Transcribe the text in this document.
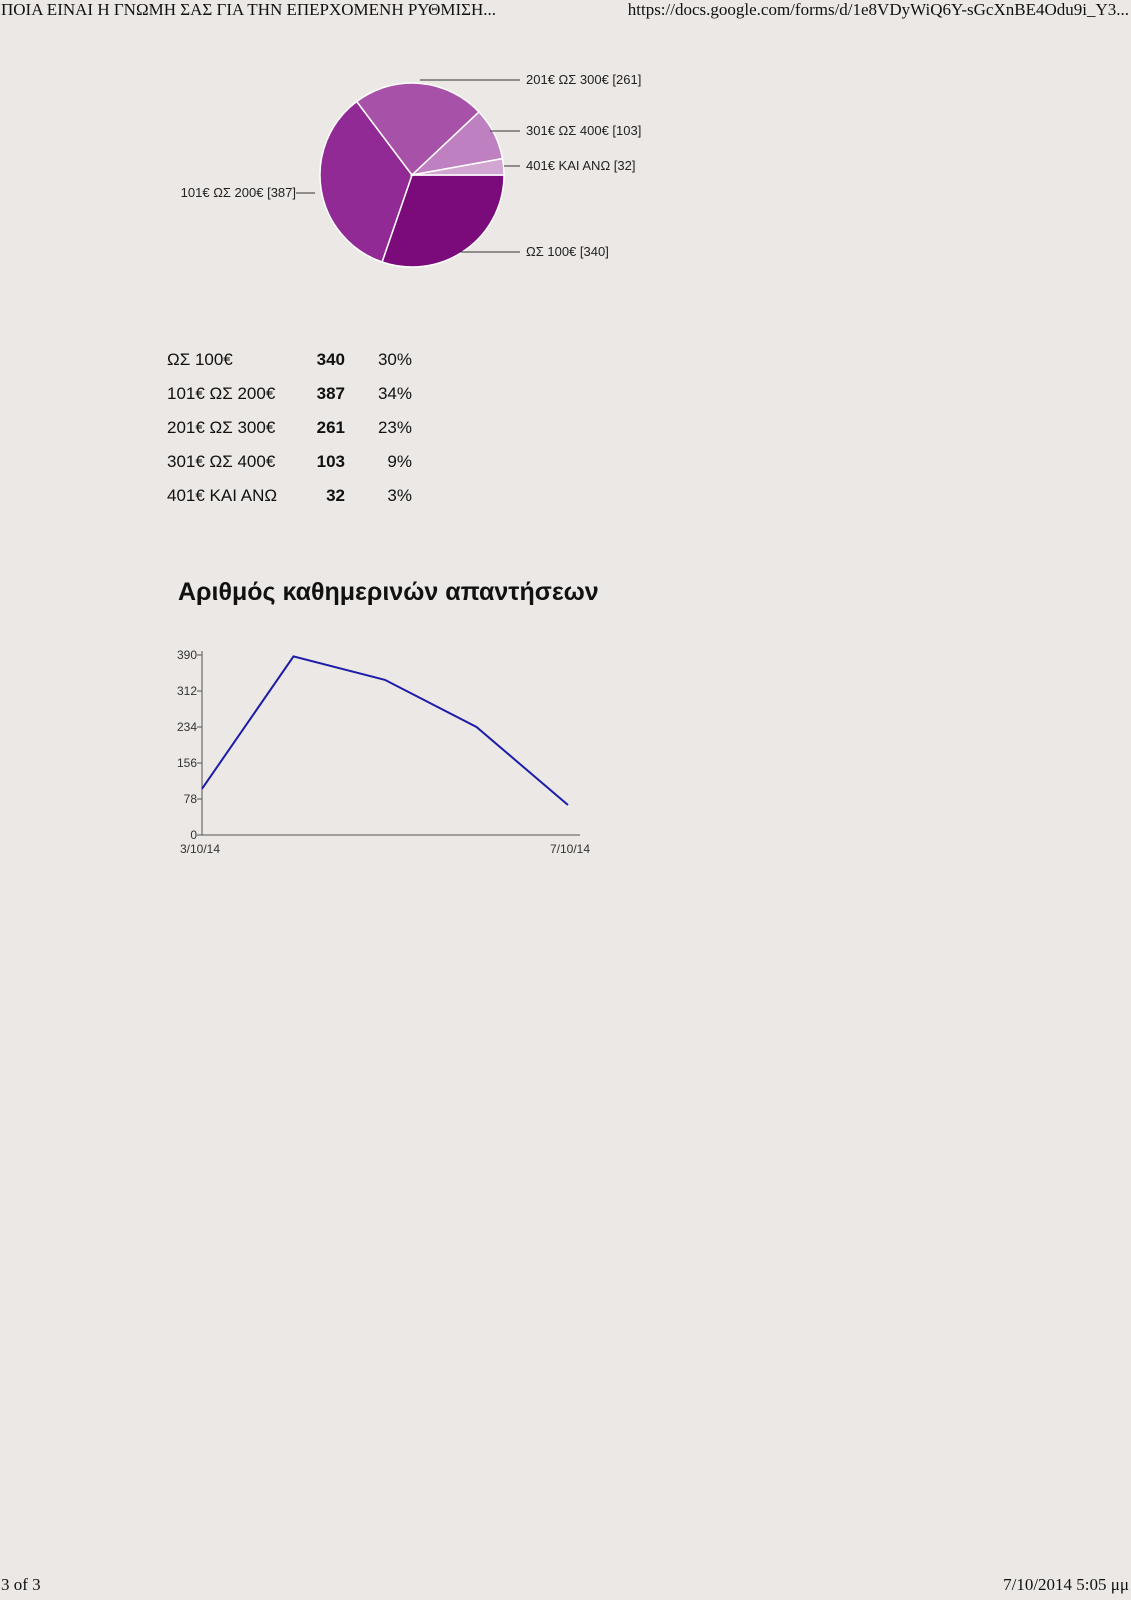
ΠΟΙΑ ΕΙΝΑΙ Η ΓΝΩΜΗ ΣΑΣ ΓΙΑ ΤΗΝ ΕΠΕΡΧΟΜΕΝΗ ΡΥΘΜΙΣΗ...	https://docs.google.com/forms/d/1e8VDyWiQ6Y-sGcXnBE4Odu9i_Y3...
ΩΣ 100€ [340]
101€ ΩΣ 200€ [387]
201€ ΩΣ 300€ [261]
301€ ΩΣ 400€ [103]
401€ ΚΑΙ ΑΝΩ [32]
ΩΣ 100€	340	30%
101€ ΩΣ 200€	387	34%
201€ ΩΣ 300€	261	23%
301€ ΩΣ 400€	103	9%
401€ ΚΑΙ ΑΝΩ	32	3%
Αριθμός καθημερινών απαντήσεων
0
78
156
234
312
390
3/10/14	7/10/14
3 of 3	7/10/2014 5:05 μμ
